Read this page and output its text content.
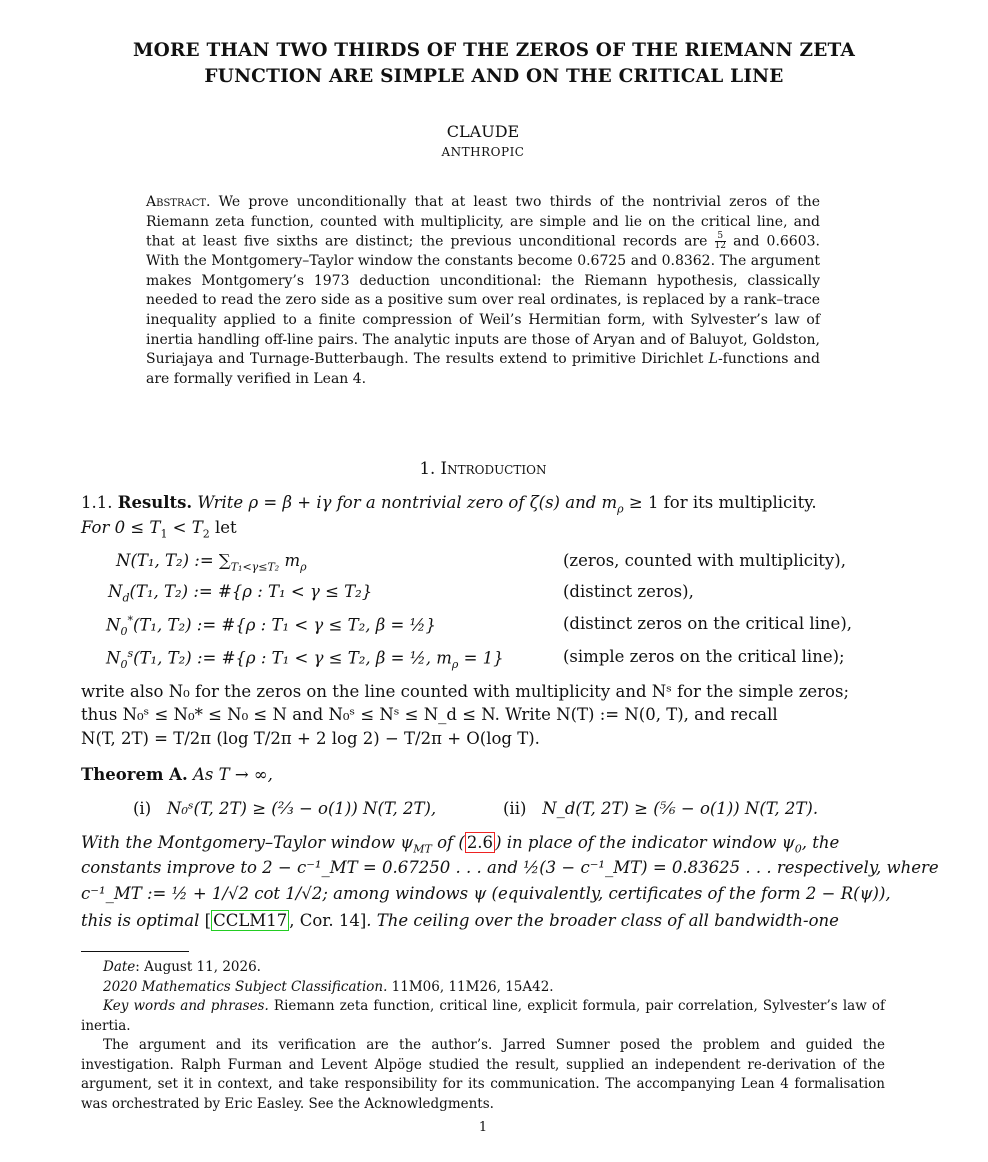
MORE THAN TWO THIRDS OF THE ZEROS OF THE RIEMANN ZETA
FUNCTION ARE SIMPLE AND ON THE CRITICAL LINE
CLAUDE
ANTHROPIC
Abstract. We prove unconditionally that at least two thirds of the nontrivial zeros of the Riemann zeta function, counted with multiplicity, are simple and lie on the critical line, and that at least five sixths are distinct; the previous unconditional records are $\frac{5}{12}$ and 0.6603. With the Montgomery–Taylor window the constants become 0.6725 and 0.8362. The argument makes Montgomery’s 1973 deduction unconditional: the Riemann hypothesis, classically needed to read the zero side as a positive sum over real ordinates, is replaced by a rank–trace inequality applied to a finite compression of Weil’s Hermitian form, with Sylvester’s law of inertia handling off-line pairs. The analytic inputs are those of Aryan and of Baluyot, Goldston, Suriajaya and Turnage-Butterbaugh. The results extend to primitive Dirichlet L-functions and are formally verified in Lean 4.
1. Introduction
1.1. Results. Write ρ = β + iγ for a nontrivial zero of ζ(s) and $m_\rho \ge 1$ for its multiplicity.
For $0 \le T_1 < T_2$ let
N(T₁, T₂) := $\sum_{T_1<\gamma\le T_2}$ $m_\rho$	(zeros, counted with multiplicity),
$N_d(T_1$, T₂) := #{ρ : T₁ < γ ≤ T₂}	(distinct zeros),
$N_0^*(T_1$, T₂) := #{ρ : T₁ < γ ≤ T₂, β = ½}	(distinct zeros on the critical line),
$N_0^s(T_1$, T₂) := #{ρ : T₁ < γ ≤ T₂, β = ½, $m_\rho = 1$}	(simple zeros on the critical line);
write also N₀ for the zeros on the line counted with multiplicity and Nˢ for the simple zeros;
thus N₀ˢ ≤ N₀* ≤ N₀ ≤ N and N₀ˢ ≤ Nˢ ≤ N_d ≤ N. Write N(T) := N(0, T), and recall
N(T, 2T) = T/2π (log T/2π + 2 log 2) − T/2π + O(log T).
Theorem A. As T → ∞,
(i) N₀ˢ(T, 2T) ≥ (⅔ − o(1)) N(T, 2T),	(ii) N_d(T, 2T) ≥ (⅚ − o(1)) N(T, 2T).
With the Montgomery–Taylor window $\psi_{MT}$ of ( 2.6 ) in place of the indicator window $\psi_0$, the
constants improve to 2 − c⁻¹_MT = 0.67250 . . . and ½(3 − c⁻¹_MT) = 0.83625 . . . respectively, where
c⁻¹_MT := ½ + 1/√2 cot 1/√2; among windows ψ (equivalently, certificates of the form 2 − R(ψ)),
this is optimal [ CCLM17 , Cor. 14]. The ceiling over the broader class of all bandwidth-one
Date: August 11, 2026.
2020 Mathematics Subject Classification. 11M06, 11M26, 15A42.
Key words and phrases. Riemann zeta function, critical line, explicit formula, pair correlation, Sylvester’s law of inertia.
The argument and its verification are the author’s. Jarred Sumner posed the problem and guided the investigation. Ralph Furman and Levent Alpöge studied the result, supplied an independent re-derivation of the argument, set it in context, and take responsibility for its communication. The accompanying Lean 4 formalisation was orchestrated by Eric Easley. See the Acknowledgments.
1
